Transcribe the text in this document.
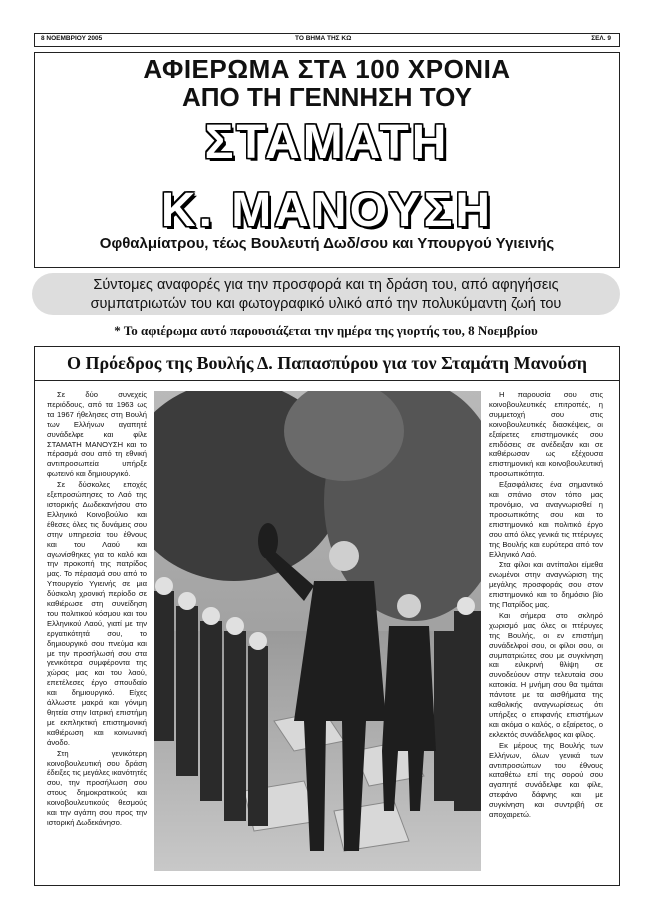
8 ΝΟΕΜΒΡΙΟΥ 2005	ΤΟ ΒΗΜΑ ΤΗΣ ΚΩ	ΣΕΛ. 9
ΑΦΙΕΡΩΜΑ ΣΤΑ 100 ΧΡΟΝΙΑ
ΑΠΟ ΤΗ ΓΕΝΝΗΣΗ ΤΟΥ
ΣΤΑΜΑΤΗ
Κ. ΜΑΝΟΥΣΗ
Οφθαλμίατρου, τέως Βουλευτή Δωδ/σου και Υπουργού Υγιεινής
Σύντομες αναφορές για την προσφορά και τη δράση του, από αφηγήσεις
συμπατριωτών του και φωτογραφικό υλικό από την πολυκύμαντη ζωή του
* Το αφιέρωμα αυτό παρουσιάζεται την ημέρα της γιορτής του, 8 Νοεμβρίου
Ο Πρόεδρος της Βουλής Δ. Παπασπύρου για τον Σταμάτη Μανούση

Σε δύο συνεχείς περιόδους, από τα 1963 ως τα 1967 ήθελησες στη Βουλή των Ελλήνων αγαπητέ συνάδελφε και φίλε ΣΤΑΜΑΤΗ ΜΑΝΟΥΣΗ και το πέρασμά σου από τη εθνική αντιπροσωπεία υπήρξε φωτεινό και δημιουργικό.

Σε δύσκολες εποχές εξεπροσώπησες το Λαό της ιστορικής Δωδεκανήσου στο Ελληνικό Κοινοβούλιο και έθεσες όλες τις δυνάμεις σου στην υπηρεσία του έθνους και του Λαού και αγωνίσθηκες για το καλό και την προκοπή της πατρίδος μας. Το πέρασμά σου από το Υπουργείο Υγιεινής σε μια δύσκολη χρονική περίοδο σε καθιέρωσε στη συνείδηση του πολιτικού κόσμου και του Ελληνικού Λαού, γιατί με την εργατικότητά σου, το δημιουργικό σου πνεύμα και με την προσήλωσή σου στα γενικότερα συμφέροντα της χώρας μας και του λαού, επετέλεσες έργο σπουδαίο και δημιουργικό. Είχες άλλωστε μακρά και γόνιμη θητεία στην Ιατρική επιστήμη με εκπληκτική επιστημονική καθιέρωση και κοινωνική άνοδο.

Στη γενικότερη κοινοβουλευτική σου δράση έδειξες τις μεγάλες ικανότητές σου, την προσήλωση σου στους δημοκρατικούς και κοινοβουλευτικούς θεσμούς και την αγάπη σου προς την ιστορική Δωδεκάνησο.

Η παρουσία σου στις κοινοβουλευτικές επιτροπές, η συμμετοχή σου στις κοινοβουλευτικές διασκέψεις, οι εξαίρετες επιστημονικές σου επιδόσεις σε ανέδειξαν και σε καθιέρωσαν ως εξέχουσα επιστημονική και κοινοβουλευτική προσωπικότητα.

Εξασφάλισες ένα σημαντικό και σπάνιο στον τόπο μας προνόμιο, να αναγνωρισθεί η προσωπικότης σου και το επιστημονικό και πολιτικό έργο σου από όλες γενικά τις πτέρυγες της Βουλής και ευρύτερα από τον Ελληνικό Λαό.

Στα φίλοι και αντίπαλοι είμεθα ενωμένοι στην αναγνώριση της μεγάλης προσφοράς σου στον επιστημονικό και το δημόσιο βίο της Πατρίδος μας.

Και σήμερα στο σκληρό χωρισμό μας όλες οι πτέρυγες της Βουλής, οι εν επιστήμη συνάδελφοί σου, οι φίλοι σου, οι συμπατριώτες σου με συγκίνηση και ειλικρινή θλίψη σε συνοδεύουν στην τελευταία σου κατοικία. Η μνήμη σου θα τιμάται πάντοτε με τα αισθήματα της καθολικής αναγνωρίσεως ότι υπήρξες ο επιφανής επιστήμων και ακόμα ο καλός, ο εξαίρετος, ο εκλεκτός συνάδελφος και φίλος.

Εκ μέρους της Βουλής των Ελλήνων, όλων γενικά των αντιπροσώπων του έθνους καταθέτω επί της σορού σου αγαπητέ συνάδελφε και φίλε, στεφάνο δάφνης και με συγκίνηση και συντριβή σε αποχαιρετώ.
